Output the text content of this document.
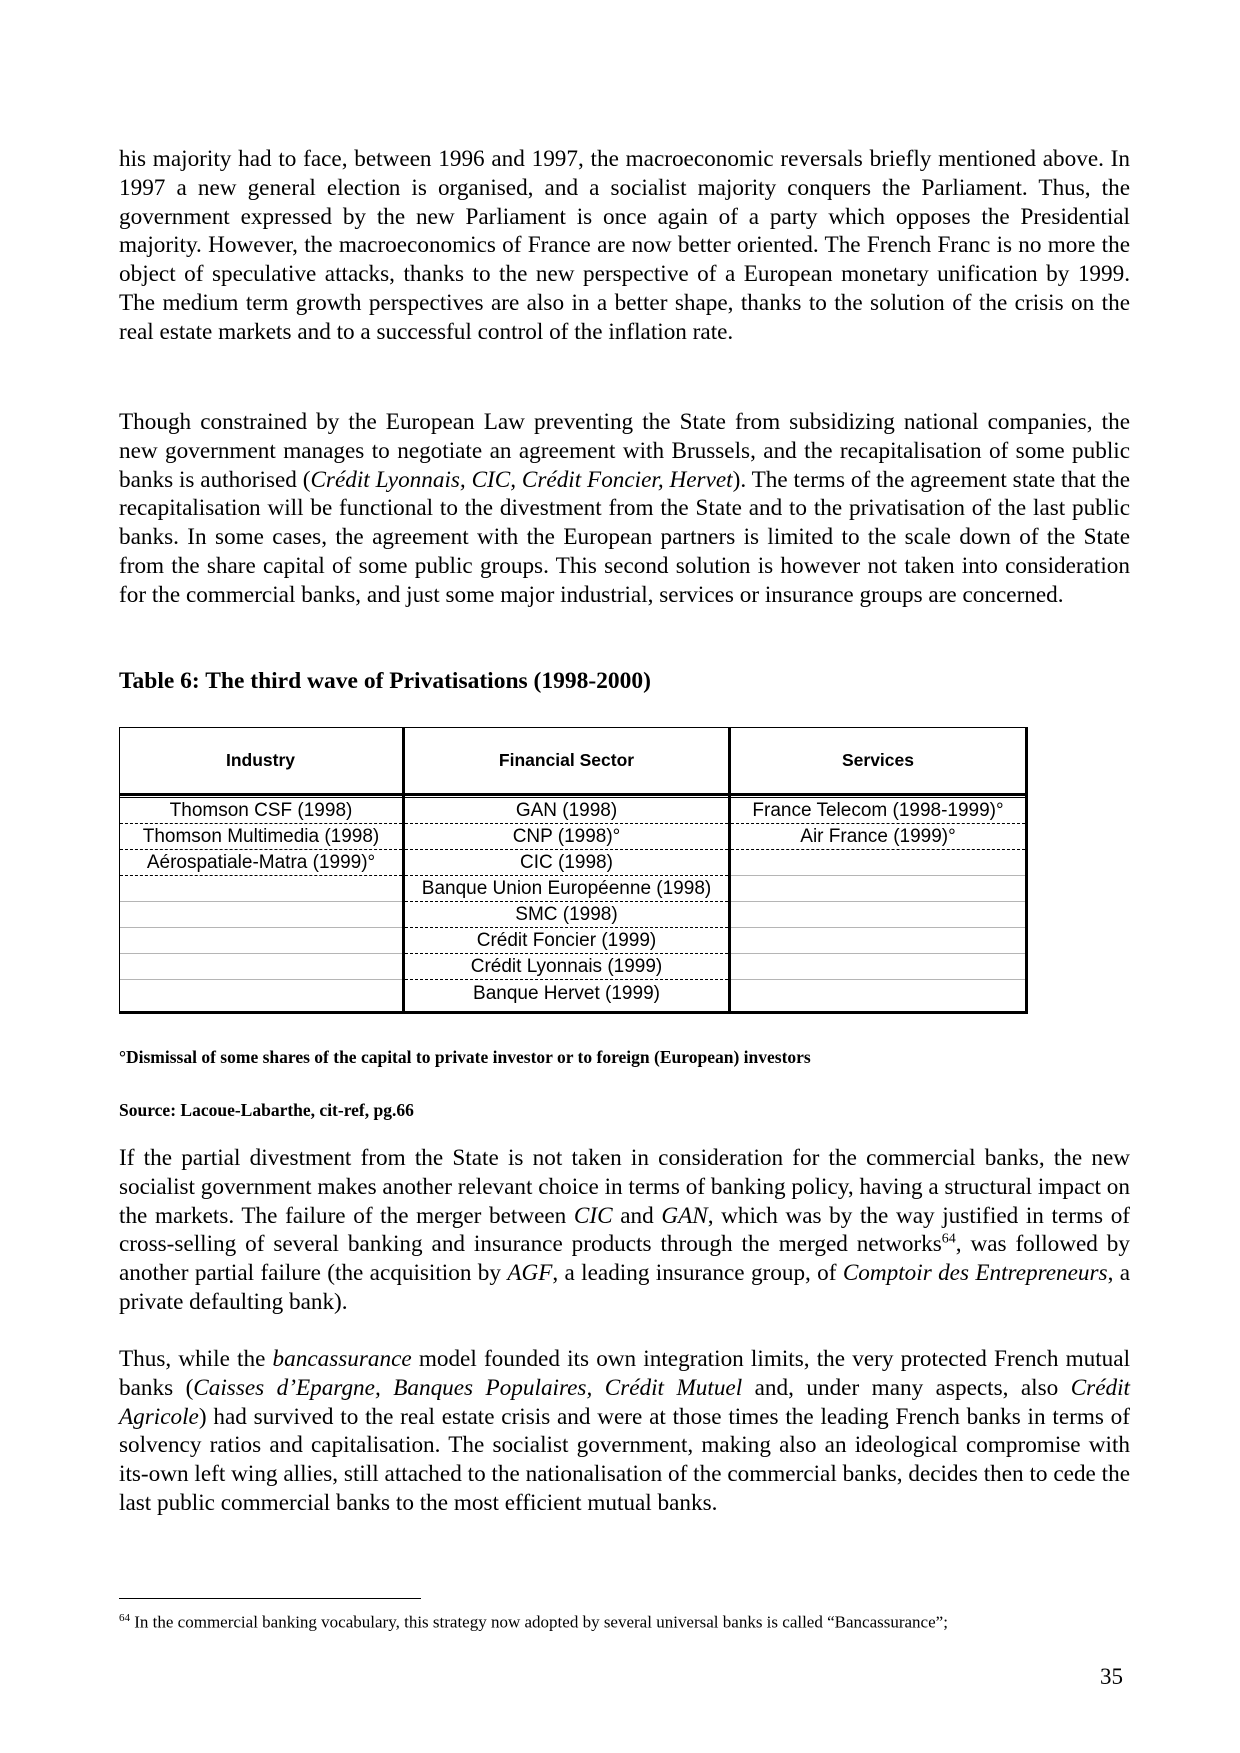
his majority had to face, between 1996 and 1997, the macroeconomic reversals briefly mentioned above. In 1997 a new general election is organised, and a socialist majority conquers the Parliament. Thus, the government expressed by the new Parliament is once again of a party which opposes the Presidential majority. However, the macroeconomics of France are now better oriented. The French Franc is no more the object of speculative attacks, thanks to the new perspective of a European monetary unification by 1999. The medium term growth perspectives are also in a better shape, thanks to the solution of the crisis on the real estate markets and to a successful control of the inflation rate.

Though constrained by the European Law preventing the State from subsidizing national companies, the new government manages to negotiate an agreement with Brussels, and the recapitalisation of some public banks is authorised (Crédit Lyonnais, CIC, Crédit Foncier, Hervet). The terms of the agreement state that the recapitalisation will be functional to the divestment from the State and to the privatisation of the last public banks. In some cases, the agreement with the European partners is limited to the scale down of the State from the share capital of some public groups. This second solution is however not taken into consideration for the commercial banks, and just some major industrial, services or insurance groups are concerned.

Table 6: The third wave of Privatisations (1998-2000)

Industry	Financial Sector	Services
Thomson CSF (1998)
Thomson Multimedia (1998)
Aérospatiale-Matra (1999)°
GAN (1998)
CNP (1998)°
CIC (1998)
Banque Union Européenne (1998)
SMC (1998)
Crédit Foncier (1999)
Crédit Lyonnais (1999)
Banque Hervet (1999)
France Telecom (1998-1999)°
Air France (1999)°

°Dismissal of some shares of the capital to private investor or to foreign (European) investors

Source: Lacoue-Labarthe, cit-ref, pg.66

If the partial divestment from the State is not taken in consideration for the commercial banks, the new socialist government makes another relevant choice in terms of banking policy, having a structural impact on the markets. The failure of the merger between CIC and GAN, which was by the way justified in terms of cross-selling of several banking and insurance products through the merged networks$^{64}$, was followed by another partial failure (the acquisition by AGF, a leading insurance group, of Comptoir des Entrepreneurs, a private defaulting bank).

Thus, while the bancassurance model founded its own integration limits, the very protected French mutual banks (Caisses d’Epargne, Banques Populaires, Crédit Mutuel and, under many aspects, also Crédit Agricole) had survived to the real estate crisis and were at those times the leading French banks in terms of solvency ratios and capitalisation. The socialist government, making also an ideological compromise with its-own left wing allies, still attached to the nationalisation of the commercial banks, decides then to cede the last public commercial banks to the most efficient mutual banks.

$^{64}$ In the commercial banking vocabulary, this strategy now adopted by several universal banks is called “Bancassurance”;

35
